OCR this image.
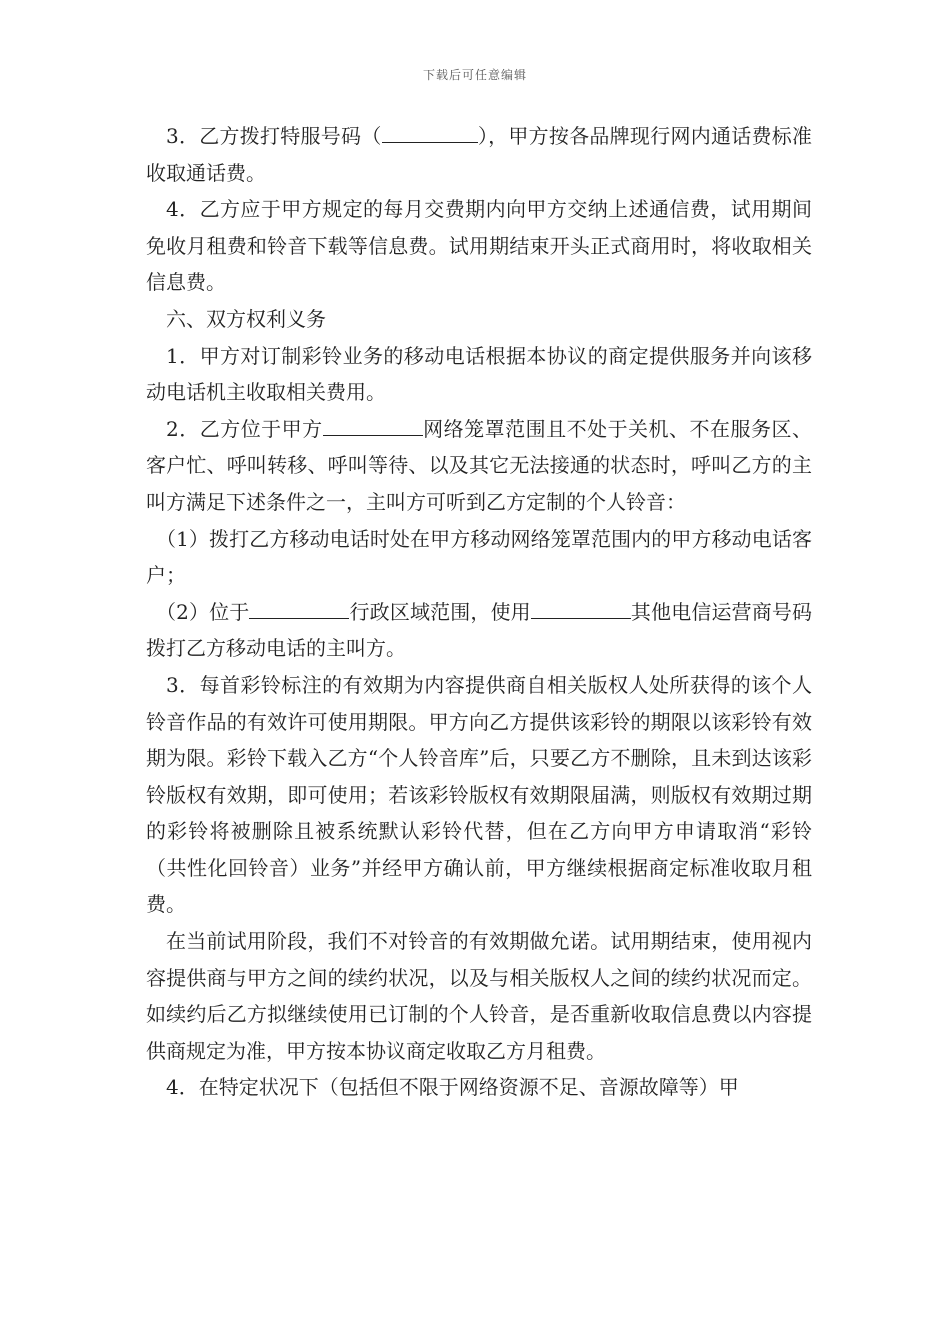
下载后可任意编辑

3．乙方拨打特服号码（	），甲方按各品牌现行网内通话费标准收取通话费。

4．乙方应于甲方规定的每月交费期内向甲方交纳上述通信费，试用期间免收月租费和铃音下载等信息费。试用期结束开头正式商用时，将收取相关信息费。

六、双方权利义务

1．甲方对订制彩铃业务的移动电话根据本协议的商定提供服务并向该移动电话机主收取相关费用。

2．乙方位于甲方	网络笼罩范围且不处于关机、不在服务区、客户忙、呼叫转移、呼叫等待、以及其它无法接通的状态时，呼叫乙方的主叫方满足下述条件之一，主叫方可听到乙方定制的个人铃音：

（1）拨打乙方移动电话时处在甲方移动网络笼罩范围内的甲方移动电话客户；

（2）位于	行政区域范围，使用	其他电信运营商号码拨打乙方移动电话的主叫方。

3．每首彩铃标注的有效期为内容提供商自相关版权人处所获得的该个人铃音作品的有效许可使用期限。甲方向乙方提供该彩铃的期限以该彩铃有效期为限。彩铃下载入乙方“个人铃音库”后，只要乙方不删除，且未到达该彩铃版权有效期，即可使用；若该彩铃版权有效期限届满，则版权有效期过期的彩铃将被删除且被系统默认彩铃代替，但在乙方向甲方申请取消“彩铃（共性化回铃音）业务”并经甲方确认前，甲方继续根据商定标准收取月租费。

在当前试用阶段，我们不对铃音的有效期做允诺。试用期结束，使用视内容提供商与甲方之间的续约状况，以及与相关版权人之间的续约状况而定。如续约后乙方拟继续使用已订制的个人铃音，是否重新收取信息费以内容提供商规定为准，甲方按本协议商定收取乙方月租费。

4．在特定状况下（包括但不限于网络资源不足、音源故障等）甲
